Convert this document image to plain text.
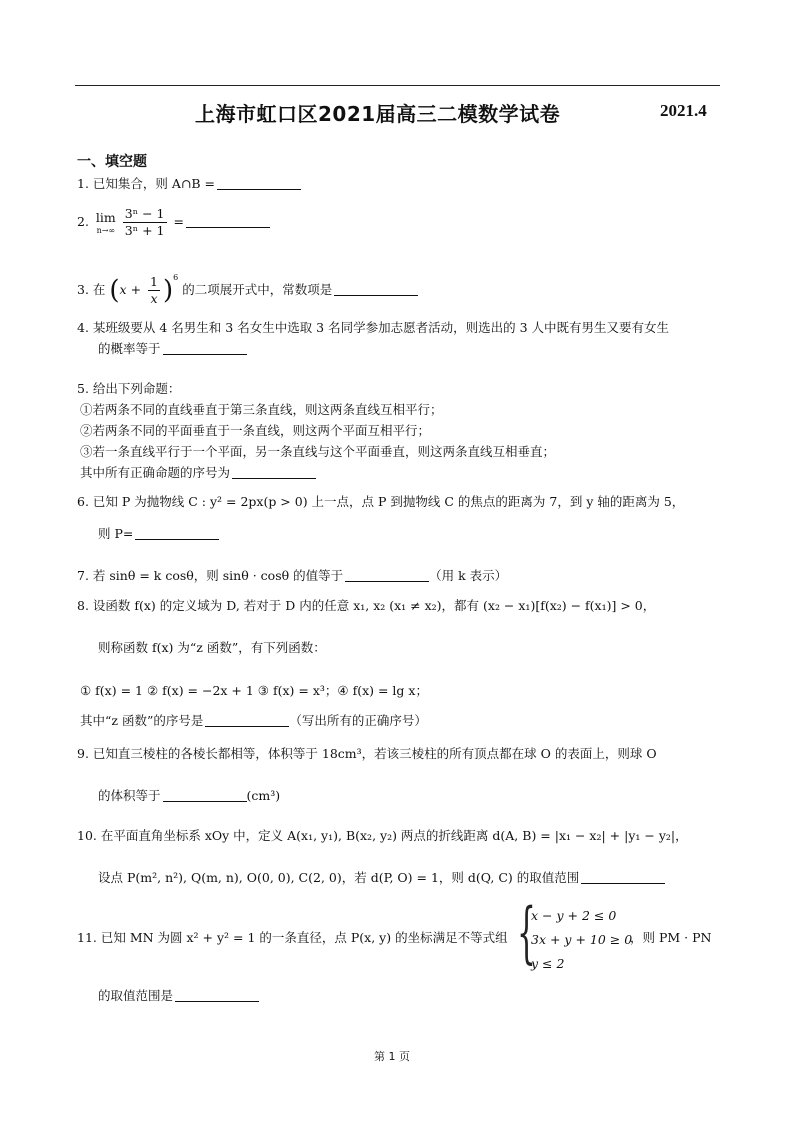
上海市虹口区2021届高三二模数学试卷	2021.4
一、填空题
1. 已知集合，则 A∩B =
2. lim
n→∞
$\frac{\text{3ⁿ − 1}}{\text{3ⁿ + 1}}$ =
3. 在 $(x + \frac{1}{x} )^6$ 的二项展开式中，常数项是
4. 某班级要从 4 名男生和 3 名女生中选取 3 名同学参加志愿者活动，则选出的 3 人中既有男生又要有女生
的概率等于
5. 给出下列命题：
①若两条不同的直线垂直于第三条直线，则这两条直线互相平行；
②若两条不同的平面垂直于一条直线，则这两个平面互相平行；
③若一条直线平行于一个平面，另一条直线与这个平面垂直，则这两条直线互相垂直；
其中所有正确命题的序号为
6. 已知 P 为抛物线 C : y² = 2px(p > 0) 上一点，点 P 到抛物线 C 的焦点的距离为 7，到 y 轴的距离为 5，
则 P=
7. 若 sinθ = k cosθ，则 sinθ · cosθ 的值等于	（用 k 表示）
8. 设函数 f(x) 的定义域为 D, 若对于 D 内的任意 x₁, x₂ (x₁ ≠ x₂)，都有 (x₂ − x₁)[f(x₂) − f(x₁)] > 0，
则称函数 f(x) 为“z 函数”，有下列函数：
① f(x) = 1 ② f(x) = −2x + 1 ③ f(x) = x³；④ f(x) = lg x；
其中“z 函数”的序号是	（写出所有的正确序号）
9. 已知直三棱柱的各棱长都相等，体积等于 18cm³，若该三棱柱的所有顶点都在球 O 的表面上，则球 O
的体积等于	(cm³)
10. 在平面直角坐标系 xOy 中，定义 A(x₁, y₁), B(x₂, y₂) 两点的折线距离 d(A, B) = |x₁ − x₂| + |y₁ − y₂|，
设点 P(m², n²), Q(m, n), O(0, 0), C(2, 0)，若 d(P, O) = 1，则 d(Q, C) 的取值范围
11. 已知 MN 为圆 x² + y² = 1 的一条直径，点 P(x, y) 的坐标满足不等式组 {
x − y + 2 ≤ 0
3x + y + 10 ≥ 0
y ≤ 2
，则 PM · PN
的取值范围是
第 1 页
